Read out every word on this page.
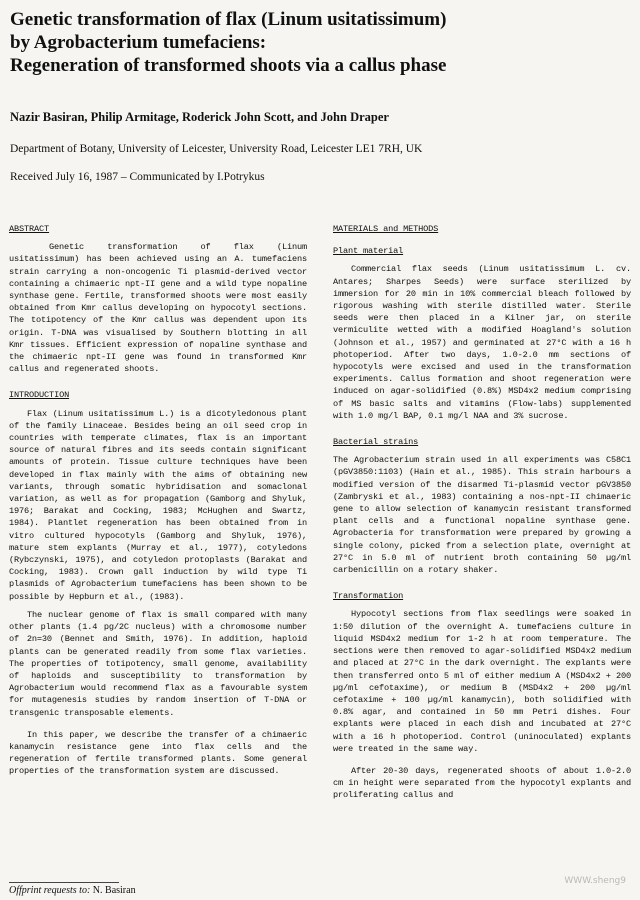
Genetic transformation of flax (Linum usitatissimum)
by Agrobacterium tumefaciens:
Regeneration of transformed shoots via a callus phase
Nazir Basiran, Philip Armitage, Roderick John Scott, and John Draper
Department of Botany, University of Leicester, University Road, Leicester LE1 7RH, UK
Received July 16, 1987 – Communicated by I.Potrykus
ABSTRACT
Genetic transformation of flax (Linum usitatissimum) has been achieved using an A. tumefaciens strain carrying a non-oncogenic Ti plasmid-derived vector containing a chimaeric npt-II gene and a wild type nopaline synthase gene. Fertile, transformed shoots were most easily obtained from Kmr callus developing on hypocotyl sections. The totipotency of the Kmr callus was dependent upon its origin. T-DNA was visualised by Southern blotting in all Kmr tissues. Efficient expression of nopaline synthase and the chimaeric npt-II gene was found in transformed Kmr callus and regenerated shoots.
INTRODUCTION
Flax (Linum usitatissimum L.) is a dicotyledonous plant of the family Linaceae. Besides being an oil seed crop in countries with temperate climates, flax is an important source of natural fibres and its seeds contain significant amounts of protein. Tissue culture techniques have been developed in flax mainly with the aims of obtaining new variants, through somatic hybridisation and somaclonal variation, as well as for propagation (Gamborg and Shyluk, 1976; Barakat and Cocking, 1983; McHughen and Swartz, 1984). Plantlet regeneration has been obtained from in vitro cultured hypocotyls (Gamborg and Shyluk, 1976), mature stem explants (Murray et al., 1977), cotyledons (Rybczynski, 1975), and cotyledon protoplasts (Barakat and Cocking, 1983). Crown gall induction by wild type Ti plasmids of Agrobacterium tumefaciens has been shown to be possible by Hepburn et al., (1983).
The nuclear genome of flax is small compared with many other plants (1.4 pg/2C nucleus) with a chromosome number of 2n=30 (Bennet and Smith, 1976). In addition, haploid plants can be generated readily from some flax varieties. The properties of totipotency, small genome, availability of haploids and susceptibility to transformation by Agrobacterium would recommend flax as a favourable system for mutagenesis studies by random insertion of T-DNA or transgenic transposable elements.
In this paper, we describe the transfer of a chimaeric kanamycin resistance gene into flax cells and the regeneration of fertile transformed plants. Some general properties of the transformation system are discussed.
Offprint requests to: N. Basiran
MATERIALS and METHODS
Plant material
Commercial flax seeds (Linum usitatissimum L. cv. Antares; Sharpes Seeds) were surface sterilized by immersion for 20 min in 10% commercial bleach followed by rigorous washing with sterile distilled water. Sterile seeds were then placed in a Kilner jar, on sterile vermiculite wetted with a modified Hoagland's solution (Johnson et al., 1957) and germinated at 27°C with a 16 h photoperiod. After two days, 1.0-2.0 mm sections of hypocotyls were excised and used in the transformation experiments. Callus formation and shoot regeneration were induced on agar-solidified (0.8%) MSD4x2 medium comprising of MS basic salts and vitamins (Flow-labs) supplemented with 1.0 mg/l BAP, 0.1 mg/l NAA and 3% sucrose.
Bacterial strains
The Agrobacterium strain used in all experiments was C58C1 (pGV3850:1103) (Hain et al., 1985). This strain harbours a modified version of the disarmed Ti-plasmid vector pGV3850 (Zambryski et al., 1983) containing a nos-npt-II chimaeric gene to allow selection of kanamycin resistant transformed plant cells and a functional nopaline synthase gene. Agrobacteria for transformation were prepared by growing a single colony, picked from a selection plate, overnight at 27°C in 5.0 ml of nutrient broth containing 50 µg/ml carbenicillin on a rotary shaker.
Transformation
Hypocotyl sections from flax seedlings were soaked in 1:50 dilution of the overnight A. tumefaciens culture in liquid MSD4x2 medium for 1-2 h at room temperature. The sections were then removed to agar-solidified MSD4x2 medium and placed at 27°C in the dark overnight. The explants were then transferred onto 5 ml of either medium A (MSD4x2 + 200 µg/ml cefotaxime), or medium B (MSD4x2 + 200 µg/ml cefotaxime + 100 µg/ml kanamycin), both solidified with 0.8% agar, and contained in 50 mm Petri dishes. Four explants were placed in each dish and incubated at 27°C with a 16 h photoperiod. Control (uninoculated) explants were treated in the same way.
After 20-30 days, regenerated shoots of about 1.0-2.0 cm in height were separated from the hypocotyl explants and proliferating callus and
WWW.sheng9
